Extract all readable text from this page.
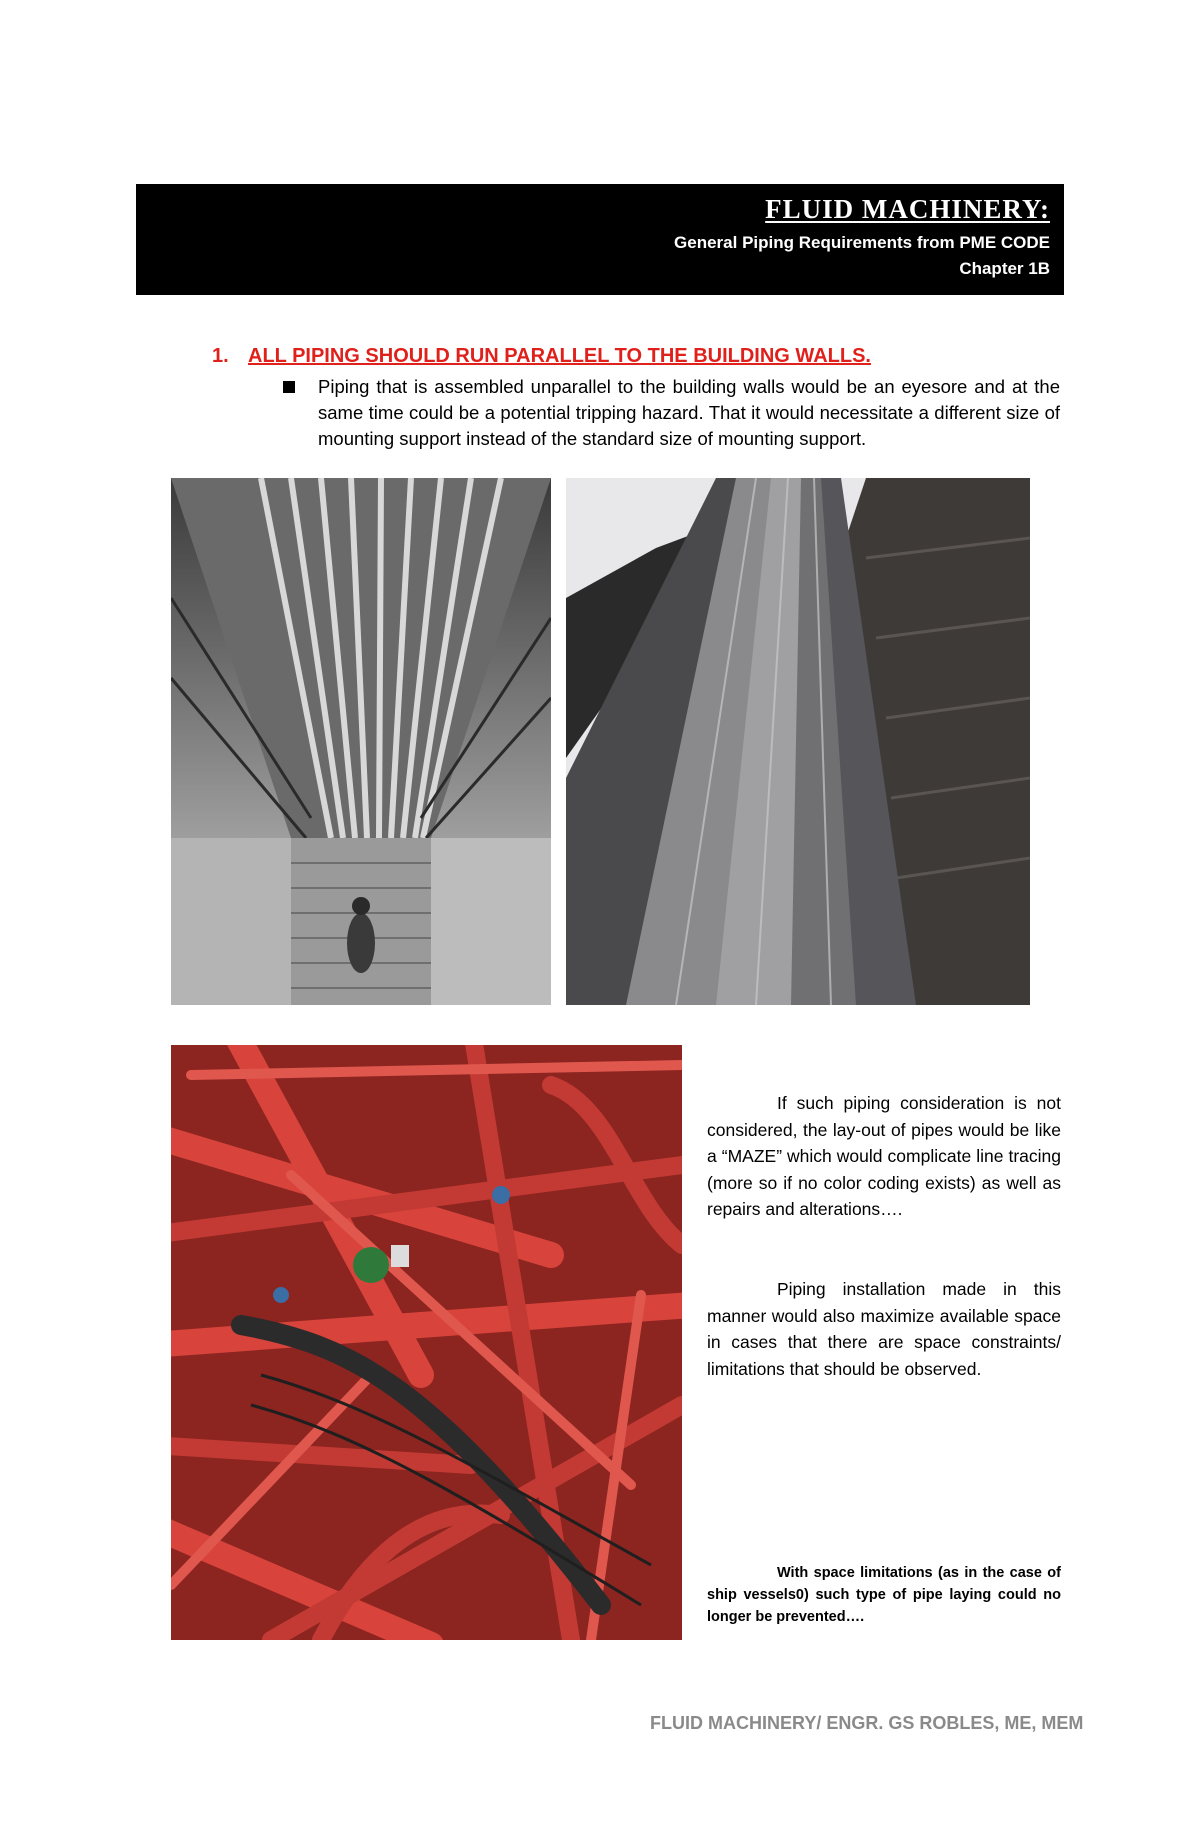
FLUID MACHINERY:
General Piping Requirements from PME CODE
Chapter 1B
1. ALL PIPING SHOULD RUN PARALLEL TO THE BUILDING WALLS.
Piping that is assembled unparallel to the building walls would be an eyesore and at the same time could be a potential tripping hazard. That it would necessitate a different size of mounting support instead of the standard size of mounting support.
If such piping consideration is not considered, the lay-out of pipes would be like a “MAZE” which would complicate line tracing (more so if no color coding exists) as well as repairs and alterations….
Piping installation made in this manner would also maximize available space in cases that there are space constraints/ limitations that should be observed.
With space limitations (as in the case of ship vessels0) such type of pipe laying could no longer be prevented….
FLUID MACHINERY/ ENGR. GS ROBLES, ME, MEM
